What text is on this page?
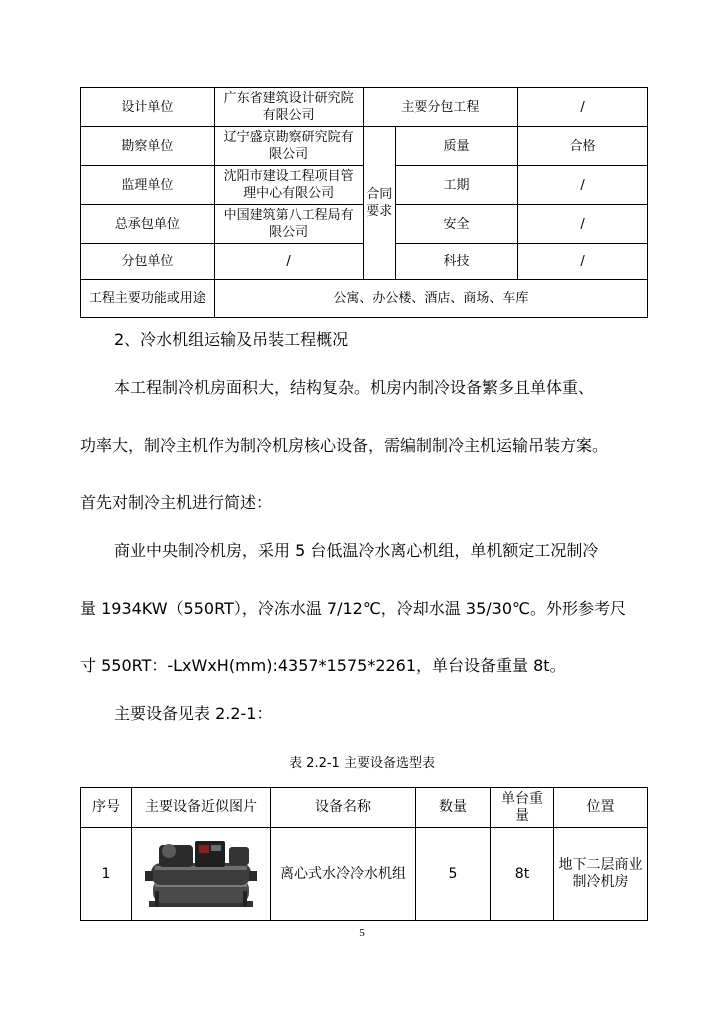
设计单位	广东省建筑设计研究院有限公司	主要分包工程		/
勘察单位	辽宁盛京勘察研究院有限公司	合同要求	质量	合格
监理单位	沈阳市建设工程项目管理中心有限公司		工期	/
总承包单位	中国建筑第八工程局有限公司		安全	/
分包单位	/		科技	/
工程主要功能或用途	公寓、办公楼、酒店、商场、车库			

2、冷水机组运输及吊装工程概况

本工程制冷机房面积大，结构复杂。机房内制冷设备繁多且单体重、

功率大，制冷主机作为制冷机房核心设备，需编制制冷主机运输吊装方案。

首先对制冷主机进行简述：

商业中央制冷机房，采用 5 台低温冷水离心机组，单机额定工况制冷

量 1934KW（550RT），冷冻水温 7/12℃，冷却水温 35/30℃。外形参考尺

寸 550RT：-LxWxH(mm):4357*1575*2261，单台设备重量 8t。

主要设备见表 2.2-1：

表 2.2-1 主要设备选型表
序号	主要设备近似图片	设备名称	数量	单台重量	位置
1		离心式水冷冷水机组	5	8t	地下二层商业制冷机房
5
